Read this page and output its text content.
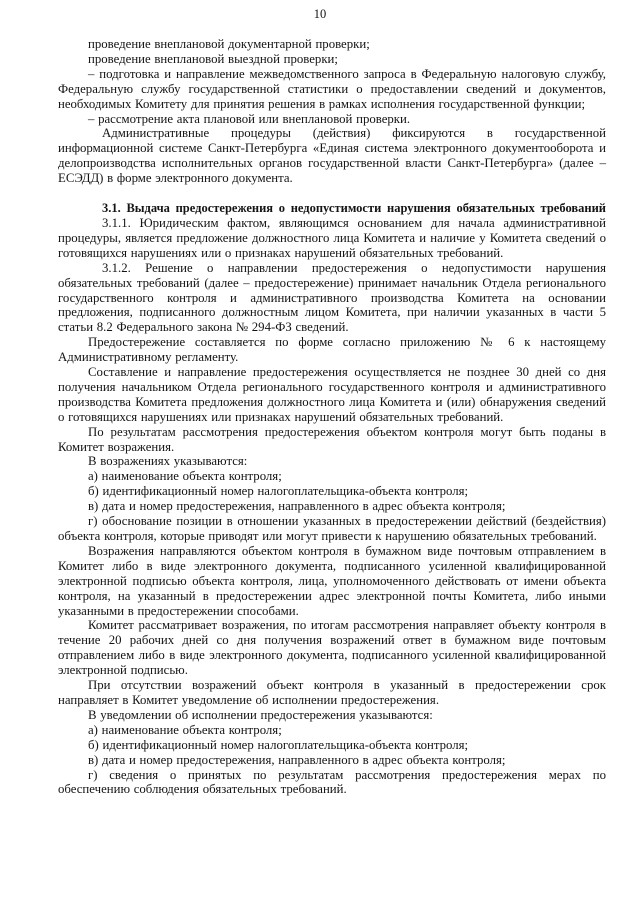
10

проведение внеплановой документарной проверки;

проведение внеплановой выездной проверки;

– подготовка и направление межведомственного запроса в Федеральную налоговую службу, Федеральную службу государственной статистики о предоставлении сведений и документов, необходимых Комитету для принятия решения в рамках исполнения государственной функции;

– рассмотрение акта плановой или внеплановой проверки.

Административные процедуры (действия) фиксируются в государственной информационной системе Санкт-Петербурга «Единая система электронного документооборота и делопроизводства исполнительных органов государственной власти Санкт-Петербурга» (далее – ЕСЭДД) в форме электронного документа.

3.1. Выдача предостережения о недопустимости нарушения обязательных требований

3.1.1. Юридическим фактом, являющимся основанием для начала административной процедуры, является предложение должностного лица Комитета и наличие у Комитета сведений о готовящихся нарушениях или о признаках нарушений обязательных требований.

3.1.2. Решение о направлении предостережения о недопустимости нарушения обязательных требований (далее – предостережение) принимает начальник Отдела регионального государственного контроля и административного производства Комитета на основании предложения, подписанного должностным лицом Комитета, при наличии указанных в части 5 статьи 8.2 Федерального закона № 294-ФЗ сведений.

Предостережение составляется по форме согласно приложению № 6 к настоящему Административному регламенту.

Составление и направление предостережения осуществляется не позднее 30 дней со дня получения начальником Отдела регионального государственного контроля и административного производства Комитета предложения должностного лица Комитета и (или) обнаружения сведений о готовящихся нарушениях или признаках нарушений обязательных требований.

По результатам рассмотрения предостережения объектом контроля могут быть поданы в Комитет возражения.

В возражениях указываются:

а) наименование объекта контроля;

б) идентификационный номер налогоплательщика-объекта контроля;

в) дата и номер предостережения, направленного в адрес объекта контроля;

г) обоснование позиции в отношении указанных в предостережении действий (бездействия) объекта контроля, которые приводят или могут привести к нарушению обязательных требований.

Возражения направляются объектом контроля в бумажном виде почтовым отправлением в Комитет либо в виде электронного документа, подписанного усиленной квалифицированной электронной подписью объекта контроля, лица, уполномоченного действовать от имени объекта контроля, на указанный в предостережении адрес электронной почты Комитета, либо иными указанными в предостережении способами.

Комитет рассматривает возражения, по итогам рассмотрения направляет объекту контроля в течение 20 рабочих дней со дня получения возражений ответ в бумажном виде почтовым отправлением либо в виде электронного документа, подписанного усиленной квалифицированной электронной подписью.

При отсутствии возражений объект контроля в указанный в предостережении срок направляет в Комитет уведомление об исполнении предостережения.

В уведомлении об исполнении предостережения указываются:

а) наименование объекта контроля;

б) идентификационный номер налогоплательщика-объекта контроля;

в) дата и номер предостережения, направленного в адрес объекта контроля;

г) сведения о принятых по результатам рассмотрения предостережения мерах по обеспечению соблюдения обязательных требований.
